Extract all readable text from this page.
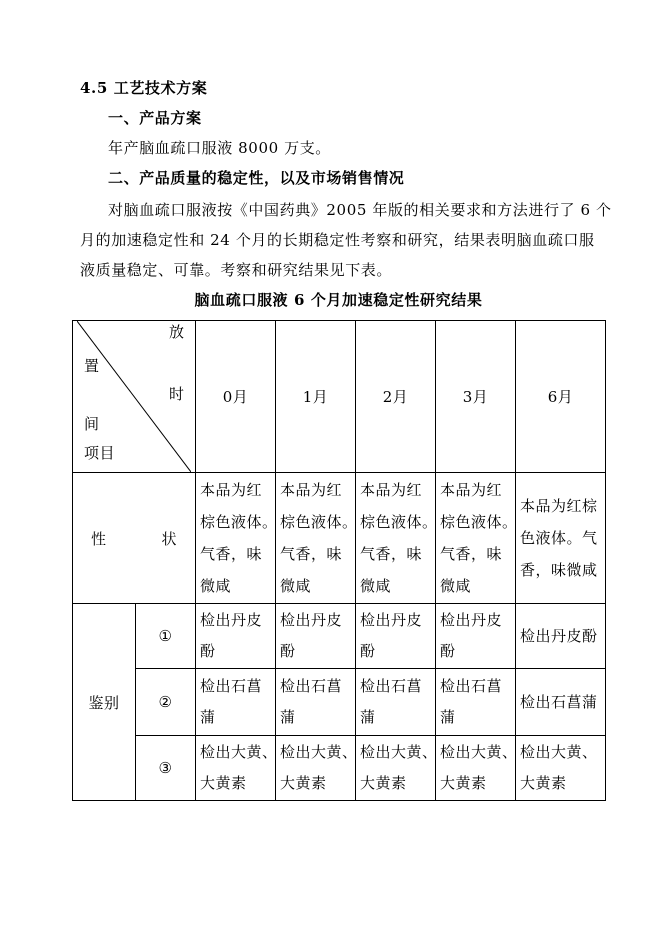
4.5 工艺技术方案
一、产品方案
年产脑血疏口服液 8000 万支。
二、产品质量的稳定性，以及市场销售情况
对脑血疏口服液按《中国药典》2005 年版的相关要求和方法进行了 6 个
月的加速稳定性和 24 个月的长期稳定性考察和研究，结果表明脑血疏口服
液质量稳定、可靠。考察和研究结果见下表。
脑血疏口服液 6 个月加速稳定性研究结果
放
置
时
间
项目		0月	1月	2月	3月	6月

性 状		本品为红
棕色液体。
气香，味
微咸	本品为红
棕色液体。
气香，味
微咸	本品为红
棕色液体。
气香，味
微咸	本品为红
棕色液体。
气香，味
微咸	本品为红棕
色液体。气
香，味微咸

鉴别	①	检出丹皮
酚	检出丹皮
酚	检出丹皮
酚	检出丹皮
酚	检出丹皮酚

	②	检出石菖
蒲	检出石菖
蒲	检出石菖
蒲	检出石菖
蒲	检出石菖蒲

	③	检出大黄、
大黄素	检出大黄、
大黄素	检出大黄、
大黄素	检出大黄、
大黄素	检出大黄、
大黄素
